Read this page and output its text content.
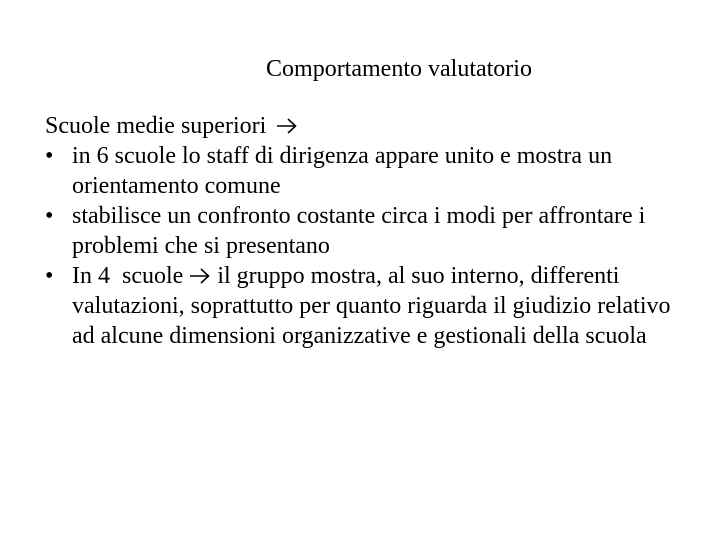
Comportamento valutatorio
Scuole medie superiori
• in 6 scuole lo staff di dirigenza appare unito e mostra un orientamento comune
• stabilisce un confronto costante circa i modi per affrontare i problemi che si presentano
• In 4  scuole il gruppo mostra, al suo interno, differenti valutazioni, soprattutto per quanto riguarda il giudizio relativo ad alcune dimensioni organizzative e gestionali della scuola
